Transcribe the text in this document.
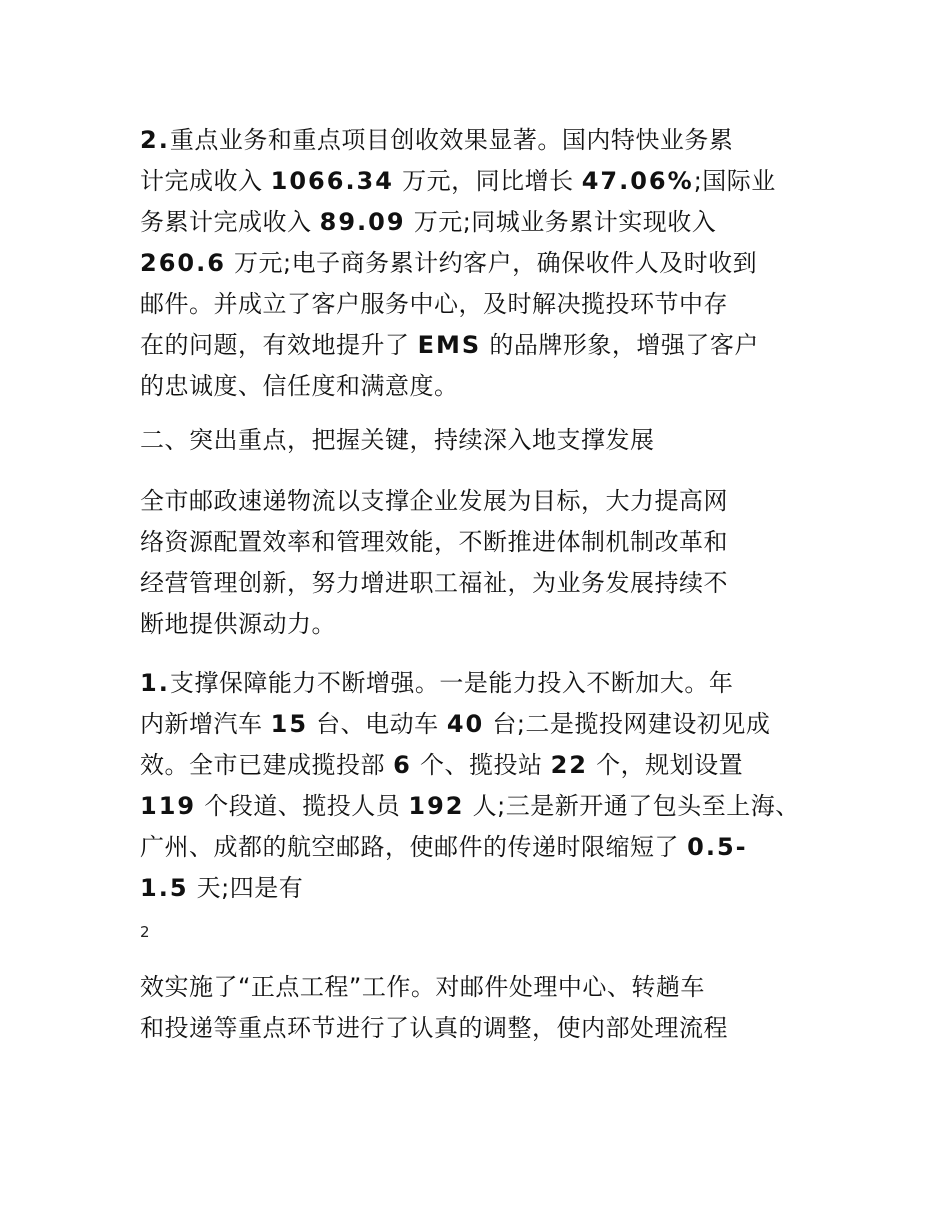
2.重点业务和重点项目创收效果显著。国内特快业务累
计完成收入 1066.34 万元，同比增长 47.06%;国际业
务累计完成收入 89.09 万元;同城业务累计实现收入
260.6 万元;电子商务累计约客户，确保收件人及时收到
邮件。并成立了客户服务中心，及时解决揽投环节中存
在的问题，有效地提升了 EMS 的品牌形象，增强了客户
的忠诚度、信任度和满意度。
二、突出重点，把握关键，持续深入地支撑发展
全市邮政速递物流以支撑企业发展为目标，大力提高网
络资源配置效率和管理效能，不断推进体制机制改革和
经营管理创新，努力增进职工福祉，为业务发展持续不
断地提供源动力。
1.支撑保障能力不断增强。一是能力投入不断加大。年
内新增汽车 15 台、电动车 40 台;二是揽投网建设初见成
效。全市已建成揽投部 6 个、揽投站 22 个，规划设置
119 个段道、揽投人员 192 人;三是新开通了包头至上海、
广州、成都的航空邮路，使邮件的传递时限缩短了 0.5-
1.5 天;四是有
2
效实施了“正点工程”工作。对邮件处理中心、转趟车
和投递等重点环节进行了认真的调整，使内部处理流程
